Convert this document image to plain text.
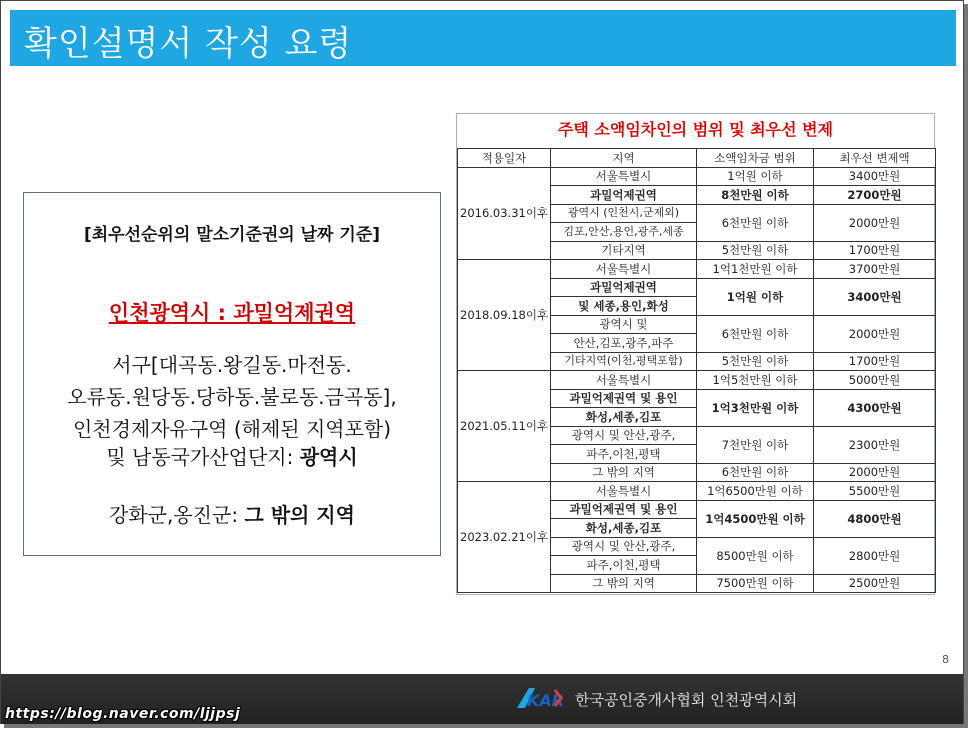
확인설명서 작성 요령
[최우선순위의 말소기준권의 날짜 기준]
인천광역시 : 과밀억제권역
서구[대곡동.왕길동.마전동.
오류동.원당동.당하동.불로동.금곡동],
인천경제자유구역 (해제된 지역포함)
및 남동국가산업단지: 광역시
강화군,옹진군: 그 밖의 지역
주택 소액임차인의 범위 및 최우선 변제
적용일자	지역	소액임차금 범위	최우선 변제액
2016.03.31이후	서울특별시	1억원 이하	3400만원
	과밀억제권역	8천만원 이하	2700만원
	광역시 (인천시,군제외)	6천만원 이하	2000만원
	김포,안산,용인,광주,세종		
	기타지역	5천만원 이하	1700만원
2018.09.18이후	서울특별시	1억1천만원 이하	3700만원
	과밀억제권역	1억원 이하	3400만원
	및 세종,용인,화성		
	광역시 및	6천만원 이하	2000만원
	안산,김포,광주,파주		
	기타지역(이천,평택포함)	5천만원 이하	1700만원
2021.05.11이후	서울특별시	1억5천만원 이하	5000만원
	과밀억제권역 및 용인	1억3천만원 이하	4300만원
	화성,세종,김포		
	광역시 및 안산,광주,	7천만원 이하	2300만원
	파주,이천,평택		
	그 밖의 지역	6천만원 이하	2000만원
2023.02.21이후	서울특별시	1억6500만원 이하	5500만원
	과밀억제권역 및 용인	1억4500만원 이하	4800만원
	화성,세종,김포		
	광역시 및 안산,광주,	8500만원 이하	2800만원
	파주,이천,평택		
	그 밖의 지역	7500만원 이하	2500만원
8
KAR 한국공인중개사협회 인천광역시회
https://blog.naver.com/ljjpsj
